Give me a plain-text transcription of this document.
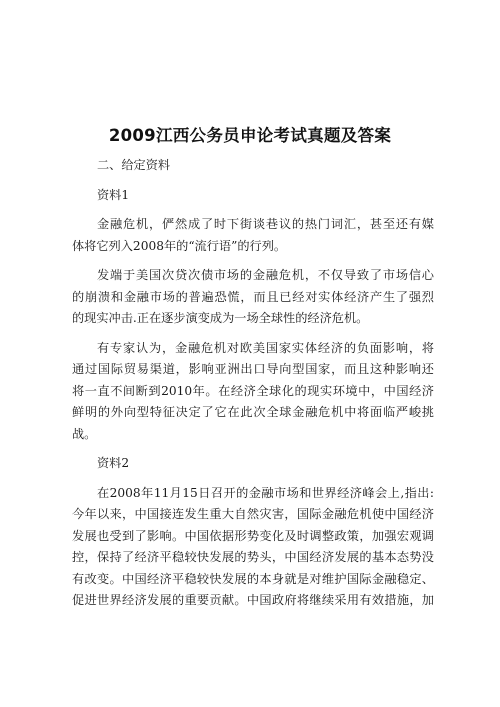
2009江西公务员申论考试真题及答案
二、给定资料
资料1
金融危机，俨然成了时下街谈巷议的热门词汇，甚至还有媒
体将它列入2008年的“流行语”的行列。
发端于美国次贷次债市场的金融危机，不仅导致了市场信心
的崩溃和金融市场的普遍恐慌，而且已经对实体经济产生了强烈
的现实冲击.正在逐步演变成为一场全球性的经济危机。
有专家认为，金融危机对欧美国家实体经济的负面影响，将
通过国际贸易渠道，影响亚洲出口导向型国家，而且这种影响还
将一直不间断到2010年。在经济全球化的现实环境中，中国经济
鲜明的外向型特征决定了它在此次全球金融危机中将面临严峻挑
战。
资料2
在2008年11月15日召开的金融市场和世界经济峰会上,指出:
今年以来，中国接连发生重大自然灾害，国际金融危机使中国经济
发展也受到了影响。中国依据形势变化及时调整政策，加强宏观调
控，保持了经济平稳较快发展的势头，中国经济发展的基本态势没
有改变。中国经济平稳较快发展的本身就是对维护国际金融稳定、
促进世界经济发展的重要贡献。中国政府将继续采用有效措施，加
